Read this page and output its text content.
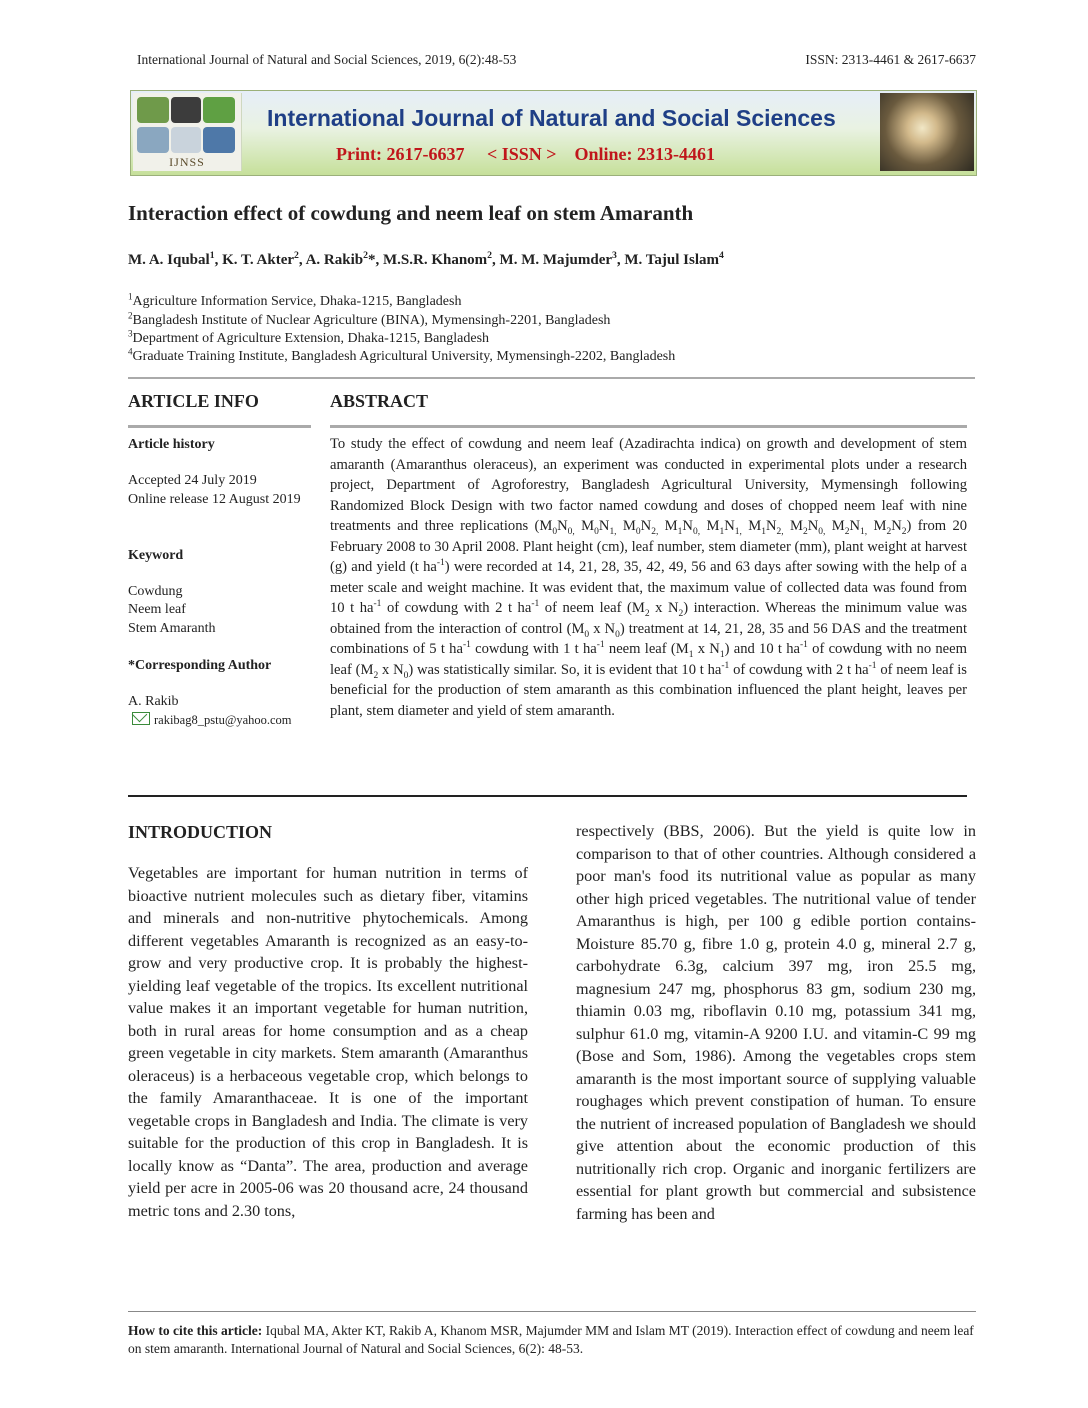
International Journal of Natural and Social Sciences, 2019, 6(2):48-53	ISSN: 2313-4461 & 2617-6637
IJNSS
International Journal of Natural and Social Sciences
Print: 2617-6637     < ISSN >    Online: 2313-4461
Interaction effect of cowdung and neem leaf on stem Amaranth
M. A. Iqubal$^1$, K. T. Akter$^2$, A. Rakib$^2$*, M.S.R. Khanom$^2$, M. M. Majumder$^3$, M. Tajul Islam$^4$
$^1$Agriculture Information Service, Dhaka-1215, Bangladesh
$^2$Bangladesh Institute of Nuclear Agriculture (BINA), Mymensingh-2201, Bangladesh
$^3$Department of Agriculture Extension, Dhaka-1215, Bangladesh
$^4$Graduate Training Institute, Bangladesh Agricultural University, Mymensingh-2202, Bangladesh
ARTICLE INFO
Article history
Accepted 24 July 2019
Online release 12 August 2019
Keyword
Cowdung
Neem leaf
Stem Amaranth
*Corresponding Author
A. Rakib
rakibag8_pstu@yahoo.com
ABSTRACT
To study the effect of cowdung and neem leaf (Azadirachta indica) on growth and development of stem amaranth (Amaranthus oleraceus), an experiment was conducted in experimental plots under a research project, Department of Agroforestry, Bangladesh Agricultural University, Mymensingh following Randomized Block Design with two factor named cowdung and doses of chopped neem leaf with nine treatments and three replications ($M_0N_{0,}$ $M_0N_{1,}$ $M_0N_{2,}$ $M_1N_{0,}$ $M_1N_{1,}$ $M_1N_{2,}$ $M_2N_{0,}$ $M_2N_{1,}$ $M_2N_2$) from 20 February 2008 to 30 April 2008. Plant height (cm), leaf number, stem diameter (mm), plant weight at harvest (g) and yield (t $ha^{-1}$) were recorded at 14, 21, 28, 35, 42, 49, 56 and 63 days after sowing with the help of a meter scale and weight machine. It was evident that, the maximum value of collected data was found from 10 t $ha^{-1}$ of cowdung with 2 t $ha^{-1}$ of neem leaf ($M_2$ x $N_2$) interaction. Whereas the minimum value was obtained from the interaction of control ($M_0$ x $N_0$) treatment at 14, 21, 28, 35 and 56 DAS and the treatment combinations of 5 t $ha^{-1}$ cowdung with 1 t $ha^{-1}$ neem leaf ($M_1$ x $N_1$) and 10 t $ha^{-1}$ of cowdung with no neem leaf ($M_2$ x $N_0$) was statistically similar. So, it is evident that 10 t $ha^{-1}$ of cowdung with 2 t $ha^{-1}$ of neem leaf is beneficial for the production of stem amaranth as this combination influenced the plant height, leaves per plant, stem diameter and yield of stem amaranth.
INTRODUCTION
Vegetables are important for human nutrition in terms of bioactive nutrient molecules such as dietary fiber, vitamins and minerals and non-nutritive phytochemicals. Among different vegetables Amaranth is recognized as an easy-to-grow and very productive crop. It is probably the highest-yielding leaf vegetable of the tropics. Its excellent nutritional value makes it an important vegetable for human nutrition, both in rural areas for home consumption and as a cheap green vegetable in city markets. Stem amaranth (Amaranthus oleraceus) is a herbaceous vegetable crop, which belongs to the family Amaranthaceae. It is one of the important vegetable crops in Bangladesh and India. The climate is very suitable for the production of this crop in Bangladesh. It is locally know as “Danta”. The area, production and average yield per acre in 2005-06 was 20 thousand acre, 24 thousand metric tons and 2.30 tons,
respectively (BBS, 2006). But the yield is quite low in comparison to that of other countries. Although considered a poor man's food its nutritional value as popular as many other high priced vegetables. The nutritional value of tender Amaranthus is high, per 100 g edible portion contains-Moisture 85.70 g, fibre 1.0 g, protein 4.0 g, mineral 2.7 g, carbohydrate 6.3g, calcium 397 mg, iron 25.5 mg, magnesium 247 mg, phosphorus 83 gm, sodium 230 mg, thiamin 0.03 mg, riboflavin 0.10 mg, potassium 341 mg, sulphur 61.0 mg, vitamin-A 9200 I.U. and vitamin-C 99 mg (Bose and Som, 1986). Among the vegetables crops stem amaranth is the most important source of supplying valuable roughages which prevent constipation of human. To ensure the nutrient of increased population of Bangladesh we should give attention about the economic production of this nutritionally rich crop. Organic and inorganic fertilizers are essential for plant growth but commercial and subsistence farming has been and
How to cite this article: Iqubal MA, Akter KT, Rakib A, Khanom MSR, Majumder MM and Islam MT (2019). Interaction effect of cowdung and neem leaf on stem amaranth. International Journal of Natural and Social Sciences, 6(2): 48-53.
